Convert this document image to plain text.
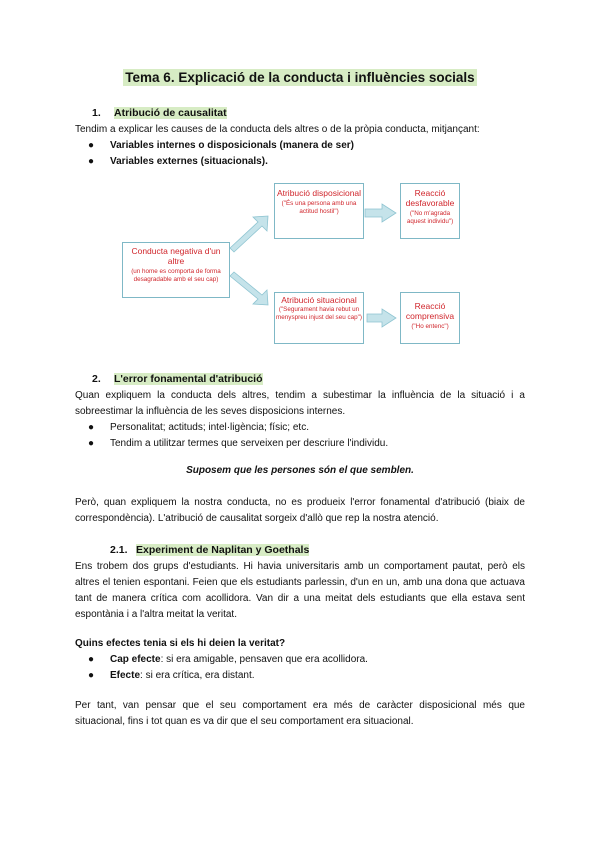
Tema 6. Explicació de la conducta i influències socials
1. Atribució de causalitat
Tendim a explicar les causes de la conducta dels altres o de la pròpia conducta, mitjançant:
● Variables internes o disposicionals (manera de ser)
● Variables externes (situacionals).
Conducta negativa d'un altre
(un home es comporta de forma desagradable amb el seu cap)
Atribució disposicional
("És una persona amb una actitud hostil")
Reacció desfavorable
("No m'agrada aquest individu")
Atribució situacional
("Segurament havia rebut un menyspreu injust del seu cap")
Reacció comprensiva
("Ho entenc")
2. L'error fonamental d'atribució
Quan expliquem la conducta dels altres, tendim a subestimar la influència de la situació i a
sobreestimar la influència de les seves disposicions internes.
● Personalitat; actituds; intel·ligència; físic; etc.
● Tendim a utilitzar termes que serveixen per descriure l'individu.
Suposem que les persones són el que semblen.
Però, quan expliquem la nostra conducta, no es produeix l'error fonamental d'atribució (biaix de
correspondència). L'atribució de causalitat sorgeix d'allò que rep la nostra atenció.
2.1. Experiment de Naplitan y Goethals
Ens trobem dos grups d'estudiants. Hi havia universitaris amb un comportament pautat, però els
altres el tenien espontani. Feien que els estudiants parlessin, d'un en un, amb una dona que actuava
tant de manera crítica com acollidora. Van dir a una meitat dels estudiants que ella estava sent
espontània i a l'altra meitat la veritat.
Quins efectes tenia si els hi deien la veritat?
● Cap efecte: si era amigable, pensaven que era acollidora.
● Efecte: si era crítica, era distant.
Per tant, van pensar que el seu comportament era més de caràcter disposicional més que
situacional, fins i tot quan es va dir que el seu comportament era situacional.
